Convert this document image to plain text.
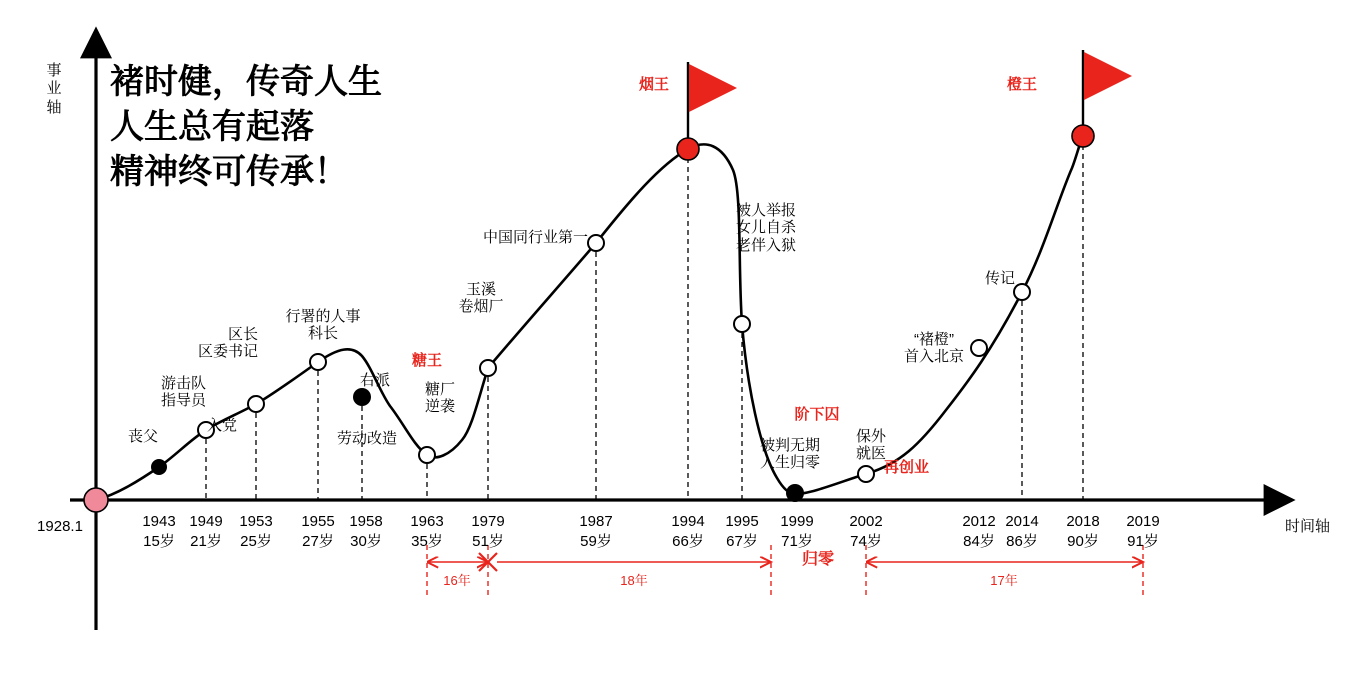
褚时健，传奇人生
人生总有起落
精神终可传承！
事
业
轴
时间轴
1928.1
丧父
游击队
指导员
区长
区委书记
入党
行署的人事
科长
右派
劳动改造
糖王
糖厂
逆袭
玉溪
卷烟厂
中国同行业第一
烟王
被人举报
女儿自杀
老伴入狱
阶下囚
被判无期
人生归零
保外
就医
再创业
“褚橙”
首入北京
传记
橙王
1943
15岁
1949
21岁
1953
25岁
1955
27岁
1958
30岁
1963
35岁
1979
51岁
1987
59岁
1994
66岁
1995
67岁
1999
71岁
2002
74岁
2012
84岁
2014
86岁
2018
90岁
2019
91岁
16年	18年
归零
17年
